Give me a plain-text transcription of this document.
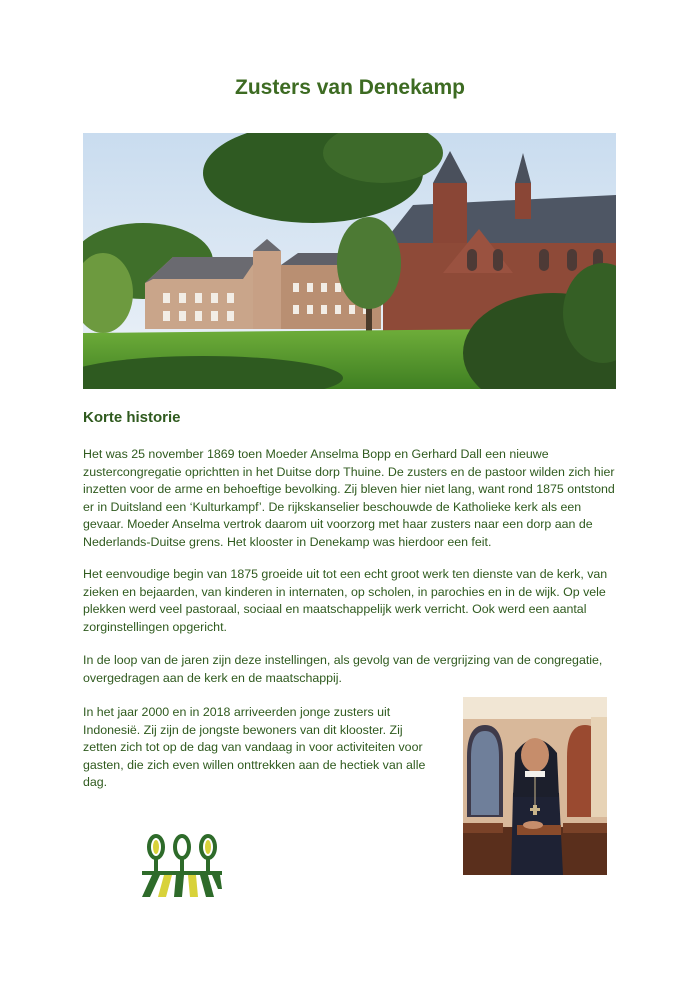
Zusters van Denekamp
Korte historie

Het was 25 november 1869 toen Moeder Anselma Bopp en Gerhard Dall een nieuwe zustercongregatie oprichtten in het Duitse dorp Thuine. De zusters en de pastoor wilden zich hier inzetten voor de arme en behoeftige bevolking. Zij bleven hier niet lang, want rond 1875 ontstond er in Duitsland een ‘Kulturkampf’. De rijkskanselier beschouwde de Katholieke kerk als een gevaar. Moeder Anselma vertrok daarom uit voorzorg met haar zusters naar een dorp aan de Nederlands-Duitse grens. Het klooster in Denekamp was hierdoor een feit.

Het eenvoudige begin van 1875 groeide uit tot een echt groot werk ten dienste van de kerk, van zieken en bejaarden, van kinderen in internaten, op scholen, in parochies en in de wijk. Op vele plekken werd veel pastoraal, sociaal en maatschappelijk werk verricht. Ook werd een aantal zorginstellingen opgericht.

In de loop van de jaren zijn deze instellingen, als gevolg van de vergrijzing van de congregatie, overgedragen aan de kerk en de maatschappij.

In het jaar 2000 en in 2018 arriveerden jonge zusters uit Indonesië. Zij zijn de jongste bewoners van dit klooster. Zij zetten zich tot op de dag van vandaag in voor activiteiten voor gasten, die zich even willen onttrekken aan de hectiek van alle dag.
